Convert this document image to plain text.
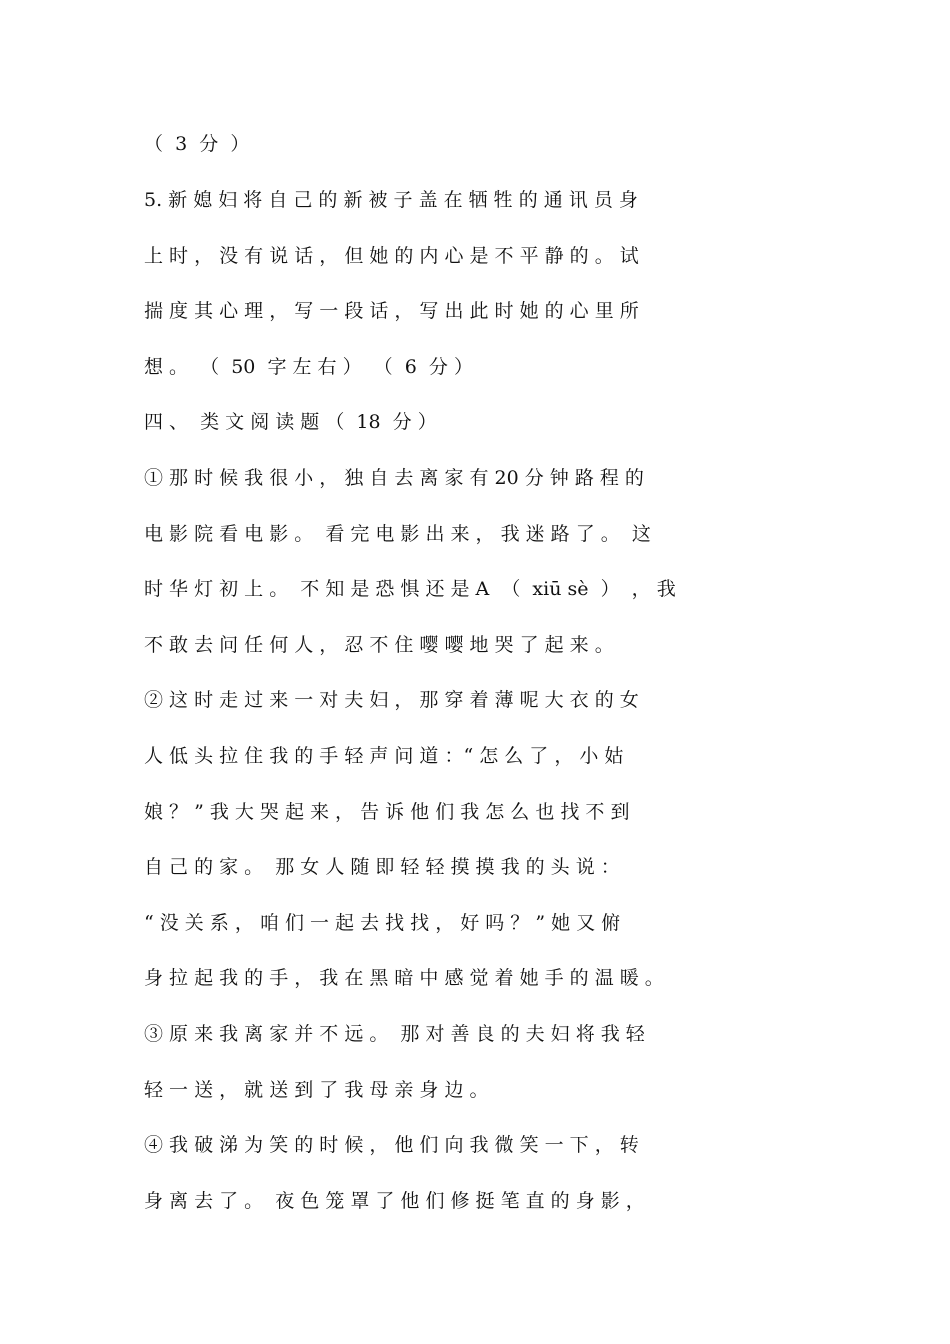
（  3  分  ）
5. 新 媳 妇 将 自 己 的 新 被 子 盖 在 牺 牲 的 通 讯 员 身
上 时 ， 没 有 说 话 ， 但 她 的 内 心 是 不 平 静 的 。 试
揣 度 其 心 理 ， 写 一 段 话 ， 写 出 此 时 她 的 心 里 所
想 。  （  50  字 左 右 ）  （  6  分 ）
四 、  类 文 阅 读 题 （  18  分 ）
① 那 时 候 我 很 小 ， 独 自 去 离 家 有 20 分 钟 路 程 的
电 影 院 看 电 影 。  看 完 电 影 出 来 ， 我 迷 路 了 。  这
时 华 灯 初 上 。  不 知 是 恐 惧 还 是 A  （  xiū sè  ）  ， 我
不 敢 去 问 任 何 人 ， 忍 不 住 嘤 嘤 地 哭 了 起 来 。
② 这 时 走 过 来 一 对 夫 妇 ， 那 穿 着 薄 呢 大 衣 的 女
人 低 头 拉 住 我 的 手 轻 声 问 道 ：“ 怎 么 了 ， 小 姑
娘 ？ ” 我 大 哭 起 来 ， 告 诉 他 们 我 怎 么 也 找 不 到
自 己 的 家 。  那 女 人 随 即 轻 轻 摸 摸 我 的 头 说 ：
“ 没 关 系 ， 咱 们 一 起 去 找 找 ， 好 吗 ？ ” 她 又 俯
身 拉 起 我 的 手 ， 我 在 黑 暗 中 感 觉 着 她 手 的 温 暖 。
③ 原 来 我 离 家 并 不 远 。  那 对 善 良 的 夫 妇 将 我 轻
轻 一 送 ， 就 送 到 了 我 母 亲 身 边 。
④ 我 破 涕 为 笑 的 时 候 ， 他 们 向 我 微 笑 一 下 ， 转
身 离 去 了 。  夜 色 笼 罩 了 他 们 修 挺 笔 直 的 身 影 ，
